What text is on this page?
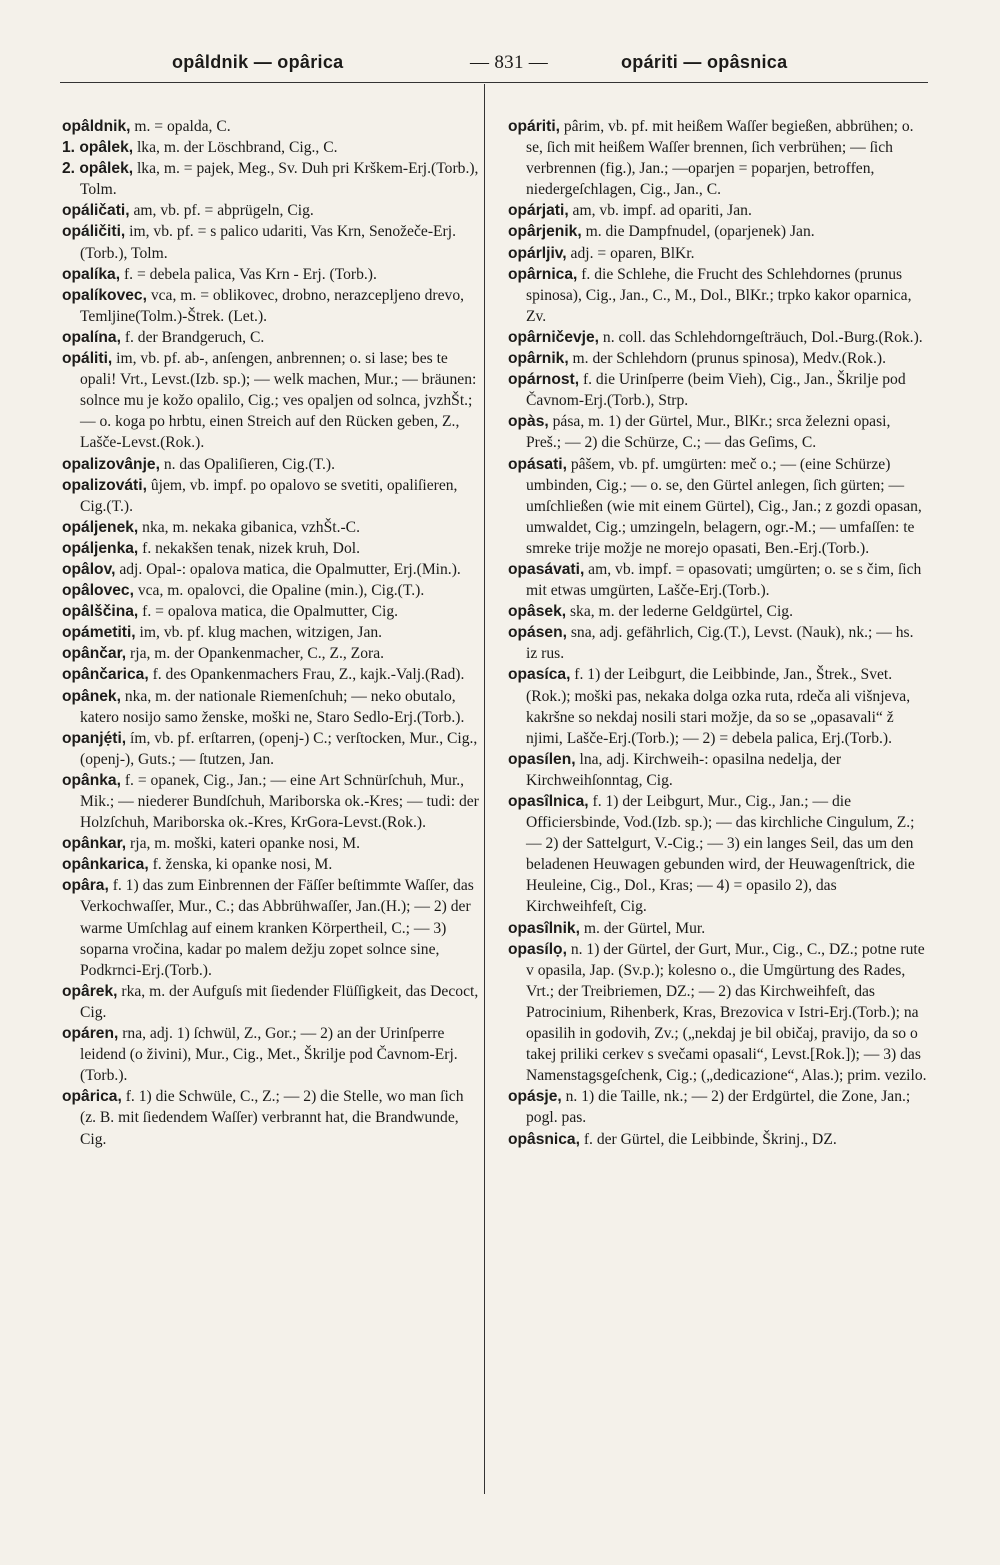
opâldnik — opârica	— 831 —	opáriti — opâsnica

opâldnik, m. = opalda, C.

1. opâlek, lka, m. der Löschbrand, Cig., C.

2. opâlek, lka, m. = pajek, Meg., Sv. Duh pri Krškem-Erj.(Torb.), Tolm.

opáličati, am, vb. pf. = abprügeln, Cig.

opáličiti, im, vb. pf. = s palico udariti, Vas Krn, Senožeče-Erj.(Torb.), Tolm.

opalíka, f. = debela palica, Vas Krn - Erj. (Torb.).

opalíkovec, vca, m. = oblikovec, drobno, nerazcepljeno drevo, Temljine(Tolm.)-Štrek. (Let.).

opalína, f. der Brandgeruch, C.

opáliti, im, vb. pf. ab-, anſengen, anbrennen; o. si lase; bes te opali! Vrt., Levst.(Izb. sp.); — welk machen, Mur.; — bräunen: solnce mu je kožo opalilo, Cig.; ves opaljen od solnca, jvzhŠt.; — o. koga po hrbtu, einen Streich auf den Rücken geben, Z., Lašče-Levst.(Rok.).

opalizovânje, n. das Opaliſieren, Cig.(T.).

opalizováti, ûjem, vb. impf. po opalovo se svetiti, opaliſieren, Cig.(T.).

opáljenek, nka, m. nekaka gibanica, vzhŠt.-C.

opáljenka, f. nekakšen tenak, nizek kruh, Dol.

opâlov, adj. Opal-: opalova matica, die Opalmutter, Erj.(Min.).

opâlovec, vca, m. opalovci, die Opaline (min.), Cig.(T.).

opâlščina, f. = opalova matica, die Opalmutter, Cig.

opámetiti, im, vb. pf. klug machen, witzigen, Jan.

opânčar, rja, m. der Opankenmacher, C., Z., Zora.

opânčarica, f. des Opankenmachers Frau, Z., kajk.-Valj.(Rad).

opânek, nka, m. der nationale Riemenſchuh; — neko obutalo, katero nosijo samo ženske, moški ne, Staro Sedlo-Erj.(Torb.).

opanjẹ́ti, ím, vb. pf. erſtarren, (openj-) C.; verſtocken, Mur., Cig., (openj-), Guts.; — ſtutzen, Jan.

opânka, f. = opanek, Cig., Jan.; — eine Art Schnürſchuh, Mur., Mik.; — niederer Bundſchuh, Mariborska ok.-Kres; — tudi: der Holzſchuh, Mariborska ok.-Kres, KrGora-Levst.(Rok.).

opânkar, rja, m. moški, kateri opanke nosi, M.

opânkarica, f. ženska, ki opanke nosi, M.

opâra, f. 1) das zum Einbrennen der Fäſſer beſtimmte Waſſer, das Verkochwaſſer, Mur., C.; das Abbrühwaſſer, Jan.(H.); — 2) der warme Umſchlag auf einem kranken Körpertheil, C.; — 3) soparna vročina, kadar po malem dežju zopet solnce sine, Podkrnci-Erj.(Torb.).

opârek, rka, m. der Aufguſs mit ſiedender Flüſſigkeit, das Decoct, Cig.

opáren, rna, adj. 1) ſchwül, Z., Gor.; — 2) an der Urinſperre leidend (o živini), Mur., Cig., Met., Škrilje pod Čavnom-Erj.(Torb.).

opârica, f. 1) die Schwüle, C., Z.; — 2) die Stelle, wo man ſich (z. B. mit ſiedendem Waſſer) verbrannt hat, die Brandwunde, Cig.

opáriti, pârim, vb. pf. mit heißem Waſſer begießen, abbrühen; o. se, ſich mit heißem Waſſer brennen, ſich verbrühen; — ſich verbrennen (fig.), Jan.; —oparjen = poparjen, betroffen, niedergeſchlagen, Cig., Jan., C.

opárjati, am, vb. impf. ad opariti, Jan.

opârjenik, m. die Dampfnudel, (oparjenek) Jan.

opárljiv, adj. = oparen, BlKr.

opârnica, f. die Schlehe, die Frucht des Schlehdornes (prunus spinosa), Cig., Jan., C., M., Dol., BlKr.; trpko kakor oparnica, Zv.

opârničevje, n. coll. das Schlehdorngeſträuch, Dol.-Burg.(Rok.).

opârnik, m. der Schlehdorn (prunus spinosa), Medv.(Rok.).

opárnost, f. die Urinſperre (beim Vieh), Cig., Jan., Škrilje pod Čavnom-Erj.(Torb.), Strp.

opàs, pása, m. 1) der Gürtel, Mur., BlKr.; srca železni opasi, Preš.; — 2) die Schürze, C.; — das Geſims, C.

opásati, pâšem, vb. pf. umgürten: meč o.; — (eine Schürze) umbinden, Cig.; — o. se, den Gürtel anlegen, ſich gürten; —umſchließen (wie mit einem Gürtel), Cig., Jan.; z gozdi opasan, umwaldet, Cig.; umzingeln, belagern, ogr.-M.; — umfaſſen: te smreke trije možje ne morejo opasati, Ben.-Erj.(Torb.).

opasávati, am, vb. impf. = opasovati; umgürten; o. se s čim, ſich mit etwas umgürten, Lašče-Erj.(Torb.).

opâsek, ska, m. der lederne Geldgürtel, Cig.

opásen, sna, adj. gefährlich, Cig.(T.), Levst. (Nauk), nk.; — hs. iz rus.

opasíca, f. 1) der Leibgurt, die Leibbinde, Jan., Štrek., Svet.(Rok.); moški pas, nekaka dolga ozka ruta, rdeča ali višnjeva, kakršne so nekdaj nosili stari možje, da so se „opasavali“ ž njimi, Lašče-Erj.(Torb.); — 2) = debela palica, Erj.(Torb.).

opasílen, lna, adj. Kirchweih-: opasilna nedelja, der Kirchweihſonntag, Cig.

opasîlnica, f. 1) der Leibgurt, Mur., Cig., Jan.; — die Officiersbinde, Vod.(Izb. sp.); — das kirchliche Cingulum, Z.; — 2) der Sattelgurt, V.-Cig.; — 3) ein langes Seil, das um den beladenen Heuwagen gebunden wird, der Heuwagenſtrick, die Heuleine, Cig., Dol., Kras; — 4) = opasilo 2), das Kirchweihfeſt, Cig.

opasîlnik, m. der Gürtel, Mur.

opasílọ, n. 1) der Gürtel, der Gurt, Mur., Cig., C., DZ.; potne rute v opasila, Jap. (Sv.p.); kolesno o., die Umgürtung des Rades, Vrt.; der Treibriemen, DZ.; — 2) das Kirchweihfeſt, das Patrocinium, Rihenberk, Kras, Brezovica v Istri-Erj.(Torb.); na opasilih in godovih, Zv.; („nekdaj je bil običaj, pravijo, da so o takej priliki cerkev s svečami opasali“, Levst.[Rok.]); — 3) das Namenstagsgeſchenk, Cig.; („dedicazione“, Alas.); prim. vezilo.

opásje, n. 1) die Taille, nk.; — 2) der Erdgürtel, die Zone, Jan.; pogl. pas.

opâsnica, f. der Gürtel, die Leibbinde, Škrinj., DZ.
